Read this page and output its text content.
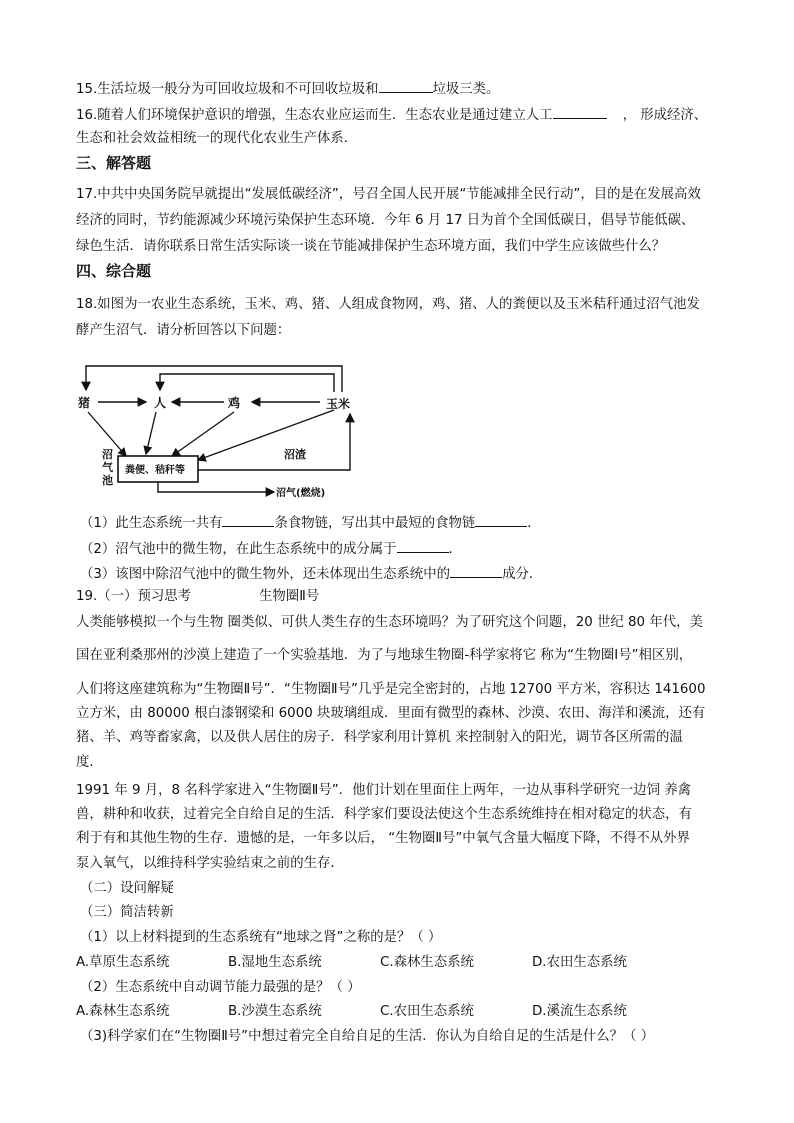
15.生活垃圾一般分为可回收垃圾和不可回收垃圾和	垃圾三类。
16.随着人们环境保护意识的增强，生态农业应运而生．生态农业是通过建立人工	， 形成经济、
生态和社会效益相统一的现代化农业生产体系．
三、解答题
17.中共中央国务院早就提出“发展低碳经济”，号召全国人民开展“节能减排全民行动”，目的是在发展高效
经济的同时，节约能源减少环境污染保护生态环境．今年 6 月 17 日为首个全国低碳日，倡导节能低碳、
绿色生活．请你联系日常生活实际谈一谈在节能减排保护生态环境方面，我们中学生应该做些什么？
四、综合题
18.如图为一农业生态系统，玉米、鸡、猪、人组成食物网，鸡、猪、人的粪便以及玉米秸秆通过沼气池发
酵产生沼气．请分析回答以下问题：
猪	人	鸡	玉米
沼
气
池
粪便、秸秆等
沼渣
沼气(燃烧)
（1）此生态系统一共有	条食物链，写出其中最短的食物链	．
（2）沼气池中的微生物，在此生态系统中的成分属于	．
（3）该图中除沼气池中的微生物外，还未体现出生态系统中的	成分．
19.（一）预习思考	生物圈Ⅱ号
人类能够模拟一个与生物 圈类似、可供人类生存的生态环境吗？为了研究这个问题，20 世纪 80 年代，美
国在亚利桑那州的沙漠上建造了一个实验基地．为了与地球生物圈-科学家将它 称为“生物圈Ⅰ号”相区别，
人们将这座建筑称为“生物圈Ⅱ号”．“生物圈Ⅱ号”几乎是完全密封的，占地 12700 平方米，容积达 141600
立方米，由 80000 根白漆钢梁和 6000 块玻璃组成．里面有微型的森林、沙漠、农田、海洋和溪流，还有
猪、羊、鸡等畜家禽，以及供人居住的房子．科学家利用计算机 来控制射入的阳光，调节各区所需的温
度．
1991 年 9 月，8 名科学家进入“生物圈Ⅱ号”．他们计划在里面住上两年，一边从事科学研究一边饲 养禽
兽，耕种和收获，过着完全自给自足的生活．科学家们要设法使这个生态系统维持在相对稳定的状态，有
利于有和其他生物的生存．遗憾的是，一年多以后， “生物圈Ⅱ号”中氧气含量大幅度下降，不得不从外界
泵入氧气，以维持科学实验结束之前的生存．
（二）设问解疑
（三）简洁转新
（1）以上材料提到的生态系统有“地球之肾”之称的是？（ ）
A.草原生态系统	B.湿地生态系统	C.森林生态系统	D.农田生态系统
（2）生态系统中自动调节能力最强的是？（ ）
A.森林生态系统	B.沙漠生态系统	C.农田生态系统	D.溪流生态系统
（3)科学家们在“生物圈Ⅱ号”中想过着完全自给自足的生活．你认为自给自足的生活是什么？（ ）
